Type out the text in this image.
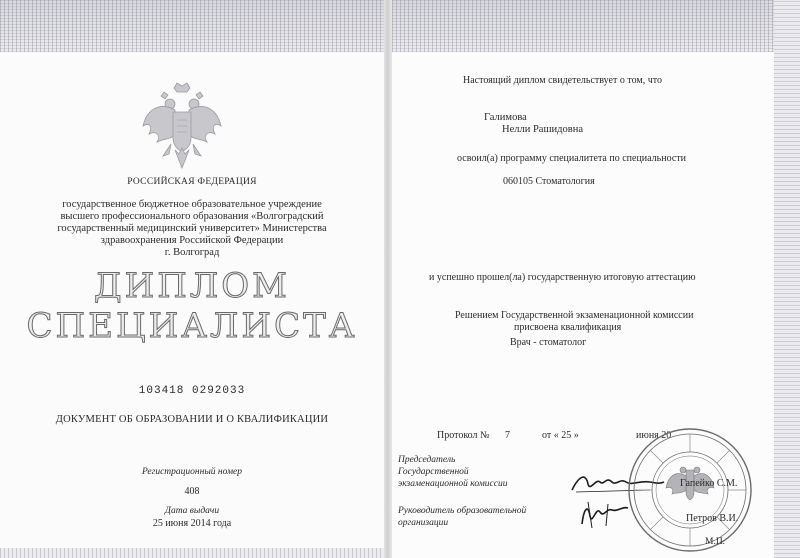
РОССИЙСКАЯ ФЕДЕРАЦИЯ
государственное бюджетное образовательное учреждение
высшего профессионального образования «Волгоградский
государственный медицинский университет» Министерства
здравоохранения Российской Федерации
г. Волгоград
ДИПЛОМ
СПЕЦИАЛИСТА
103418 0292033
ДОКУМЕНТ ОБ ОБРАЗОВАНИИ И О КВАЛИФИКАЦИИ
Регистрационный номер
408
Дата выдачи
25 июня 2014 года
Настоящий диплом свидетельствует о том, что
Галимова
Нелли Рашидовна
освоил(а) программу специалитета по специальности
060105 Стоматология
и успешно прошел(ла) государственную итоговую аттестацию
Решением Государственной экзаменационной комиссии
присвоена квалификация
Врач - стоматолог
Протокол № 7	от « 25 »	июня 20
Председатель
Государственной
экзаменационной комиссии
Руководитель образовательной
организации
Гапейко С.М.
Петров В.И.
М.П.
